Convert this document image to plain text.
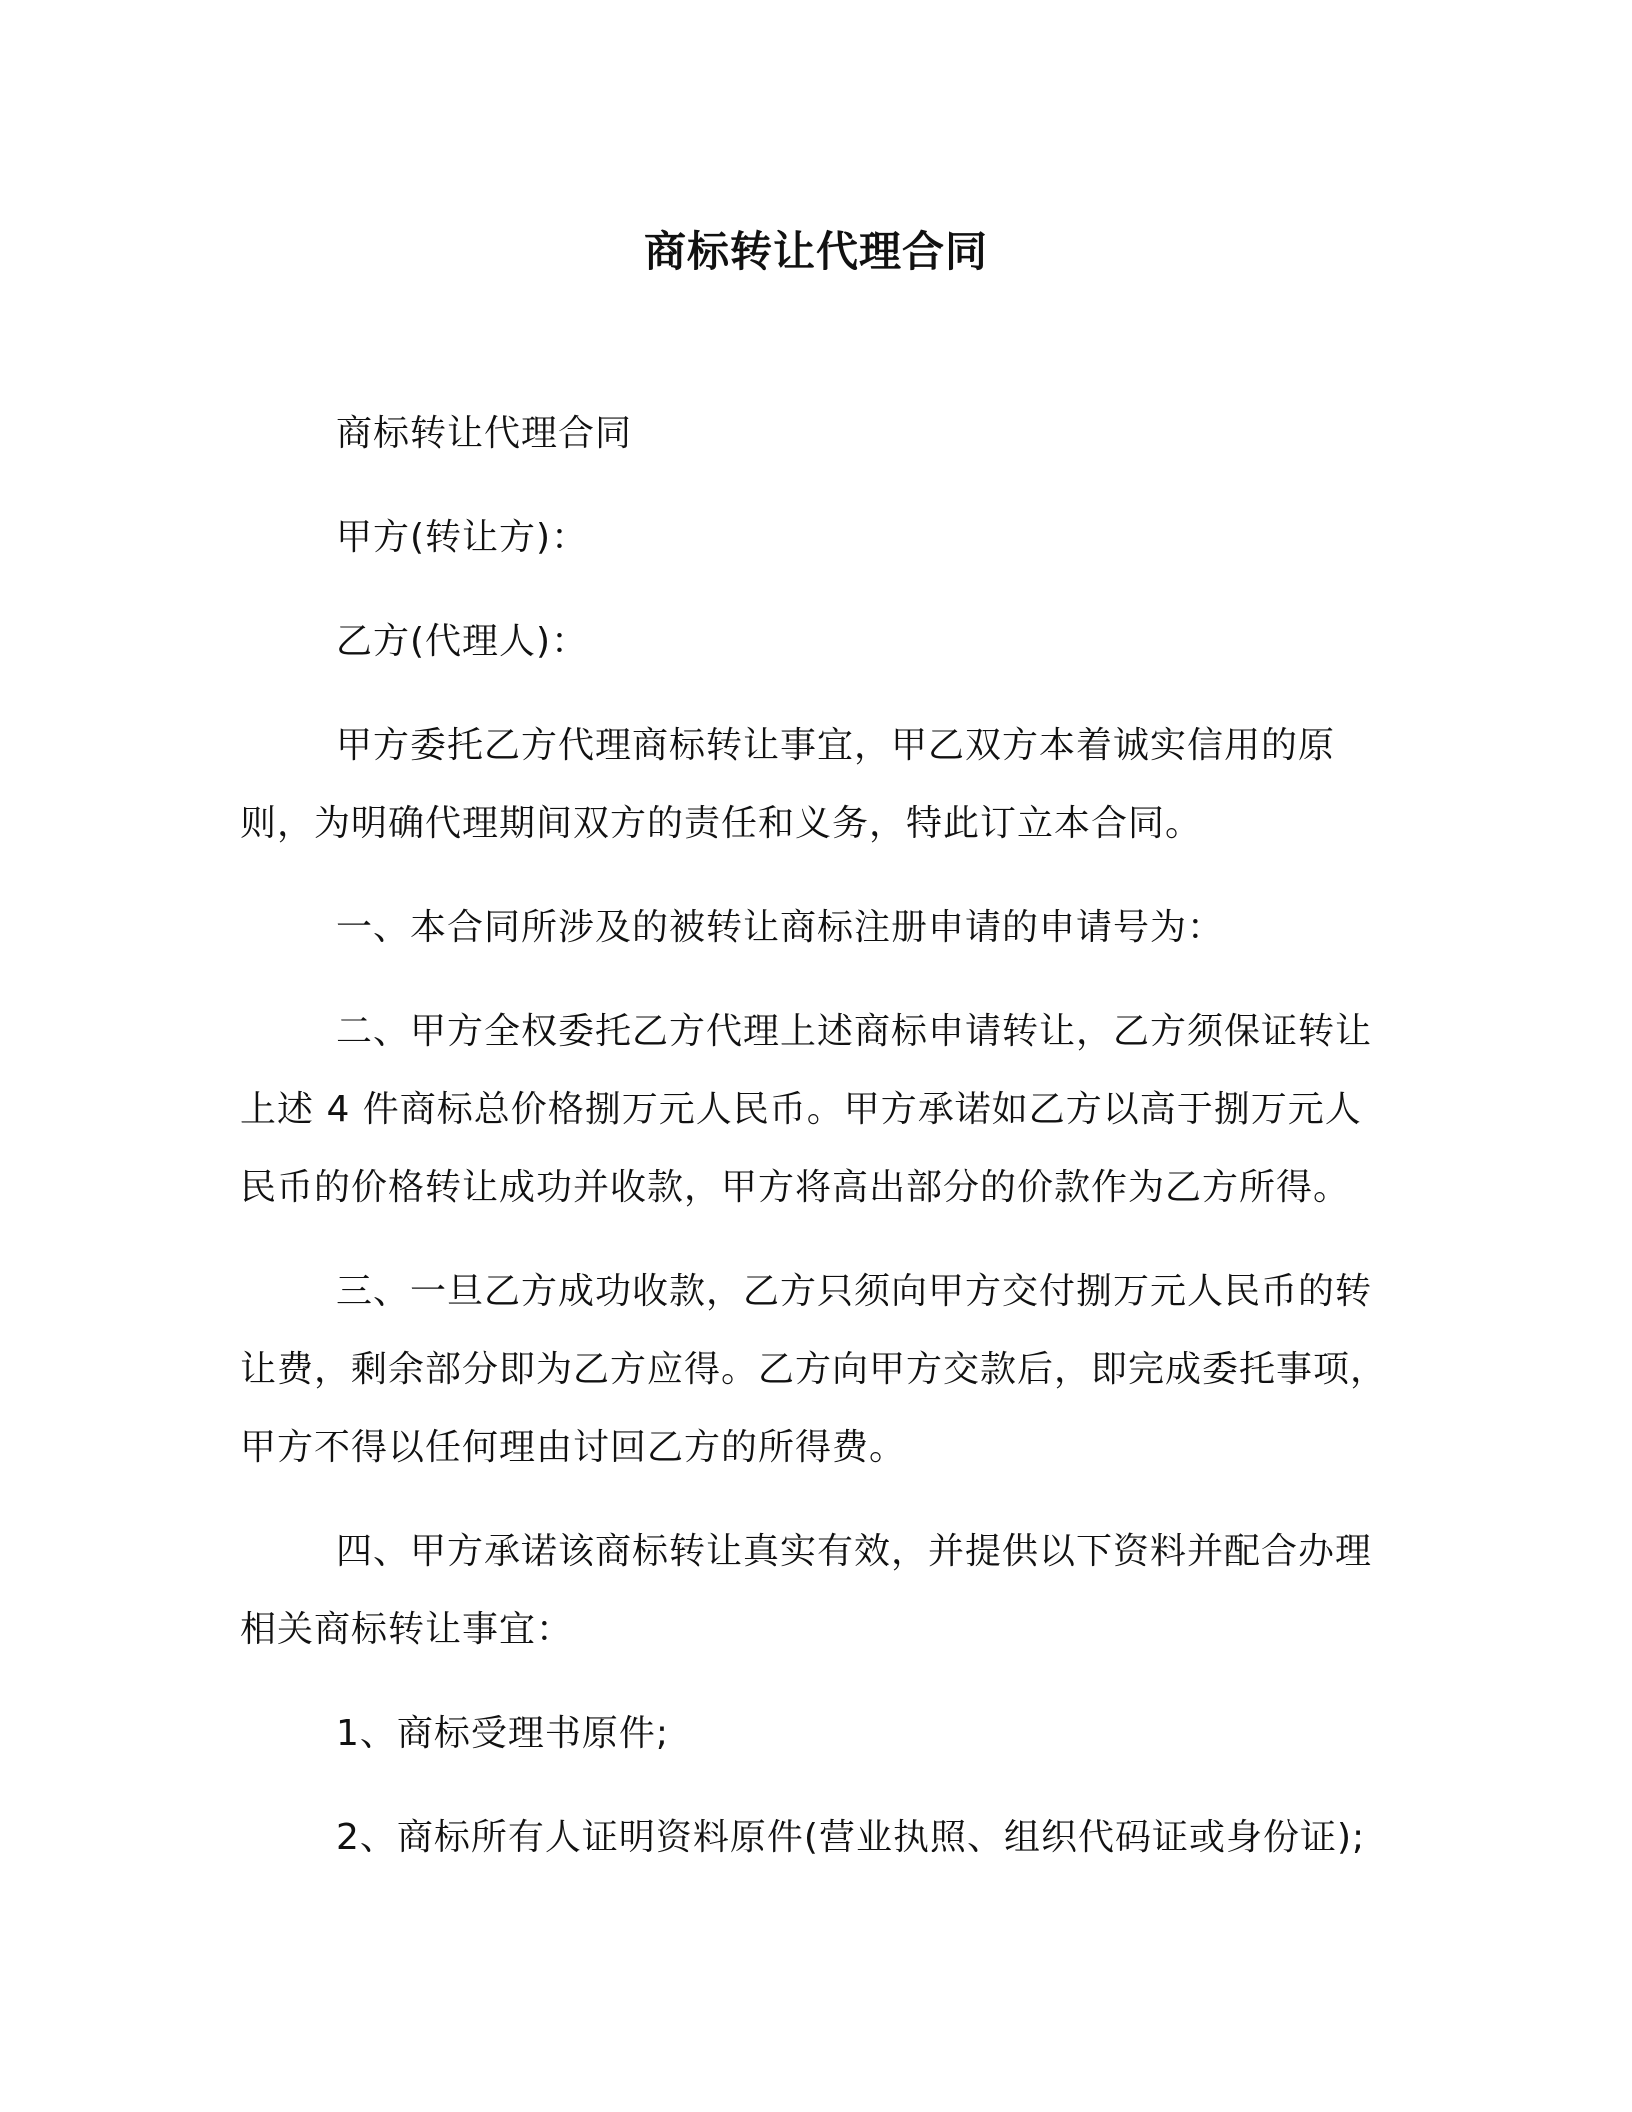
商标转让代理合同

商标转让代理合同

甲方(转让方)：

乙方(代理人)：

甲方委托乙方代理商标转让事宜，甲乙双方本着诚实信用的原则，为明确代理期间双方的责任和义务，特此订立本合同。

一、本合同所涉及的被转让商标注册申请的申请号为：

二、甲方全权委托乙方代理上述商标申请转让，乙方须保证转让上述 4 件商标总价格捌万元人民币。甲方承诺如乙方以高于捌万元人民币的价格转让成功并收款，甲方将高出部分的价款作为乙方所得。

三、一旦乙方成功收款，乙方只须向甲方交付捌万元人民币的转让费，剩余部分即为乙方应得。乙方向甲方交款后，即完成委托事项，甲方不得以任何理由讨回乙方的所得费。

四、甲方承诺该商标转让真实有效，并提供以下资料并配合办理相关商标转让事宜：

1、商标受理书原件;

2、商标所有人证明资料原件(营业执照、组织代码证或身份证);
